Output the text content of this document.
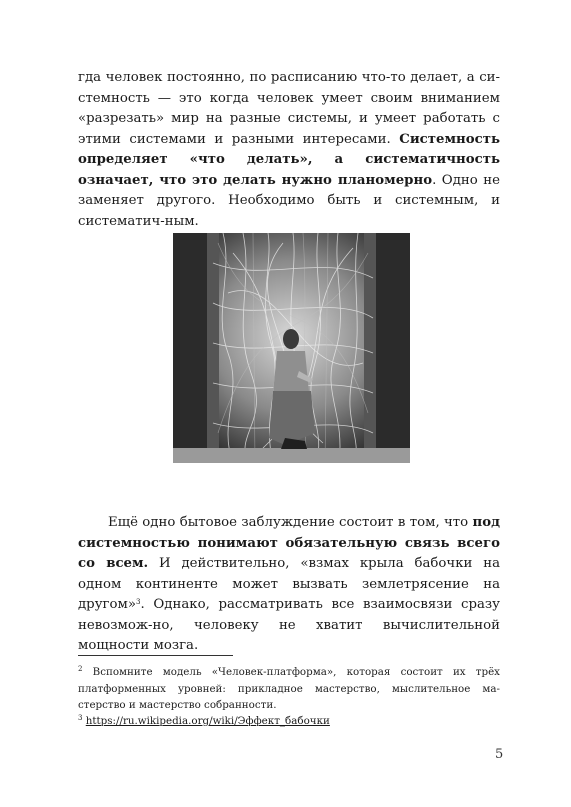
гда человек постоянно, по расписанию что-то делает, а си-стемность — это когда человек умеет своим вниманием «разрезать» мир на разные системы, и умеет работать с этими системами и разными интересами. Системность определяет «что делать», а систематичность означает, что это делать нужно планомерно. Одно не заменяет другого. Необходимо быть и системным, и систематич-ным.

Ещё одно бытовое заблуждение состоит в том, что под системностью понимают обязательную связь всего со всем. И действительно, «взмах крыла бабочки на одном континенте может вызвать землетрясение на другом»$^3$. Однако, рассматривать все взаимосвязи сразу невозмож-но, человеку не хватит вычислительной мощности мозга.

$^2$ Вспомните модель «Человек-платформа», которая состоит их трёх платформенных уровней: прикладное мастерство, мыслительное ма-стерство и мастерство собранности.

$^3$ https://ru.wikipedia.org/wiki/Эффект_бабочки

5
